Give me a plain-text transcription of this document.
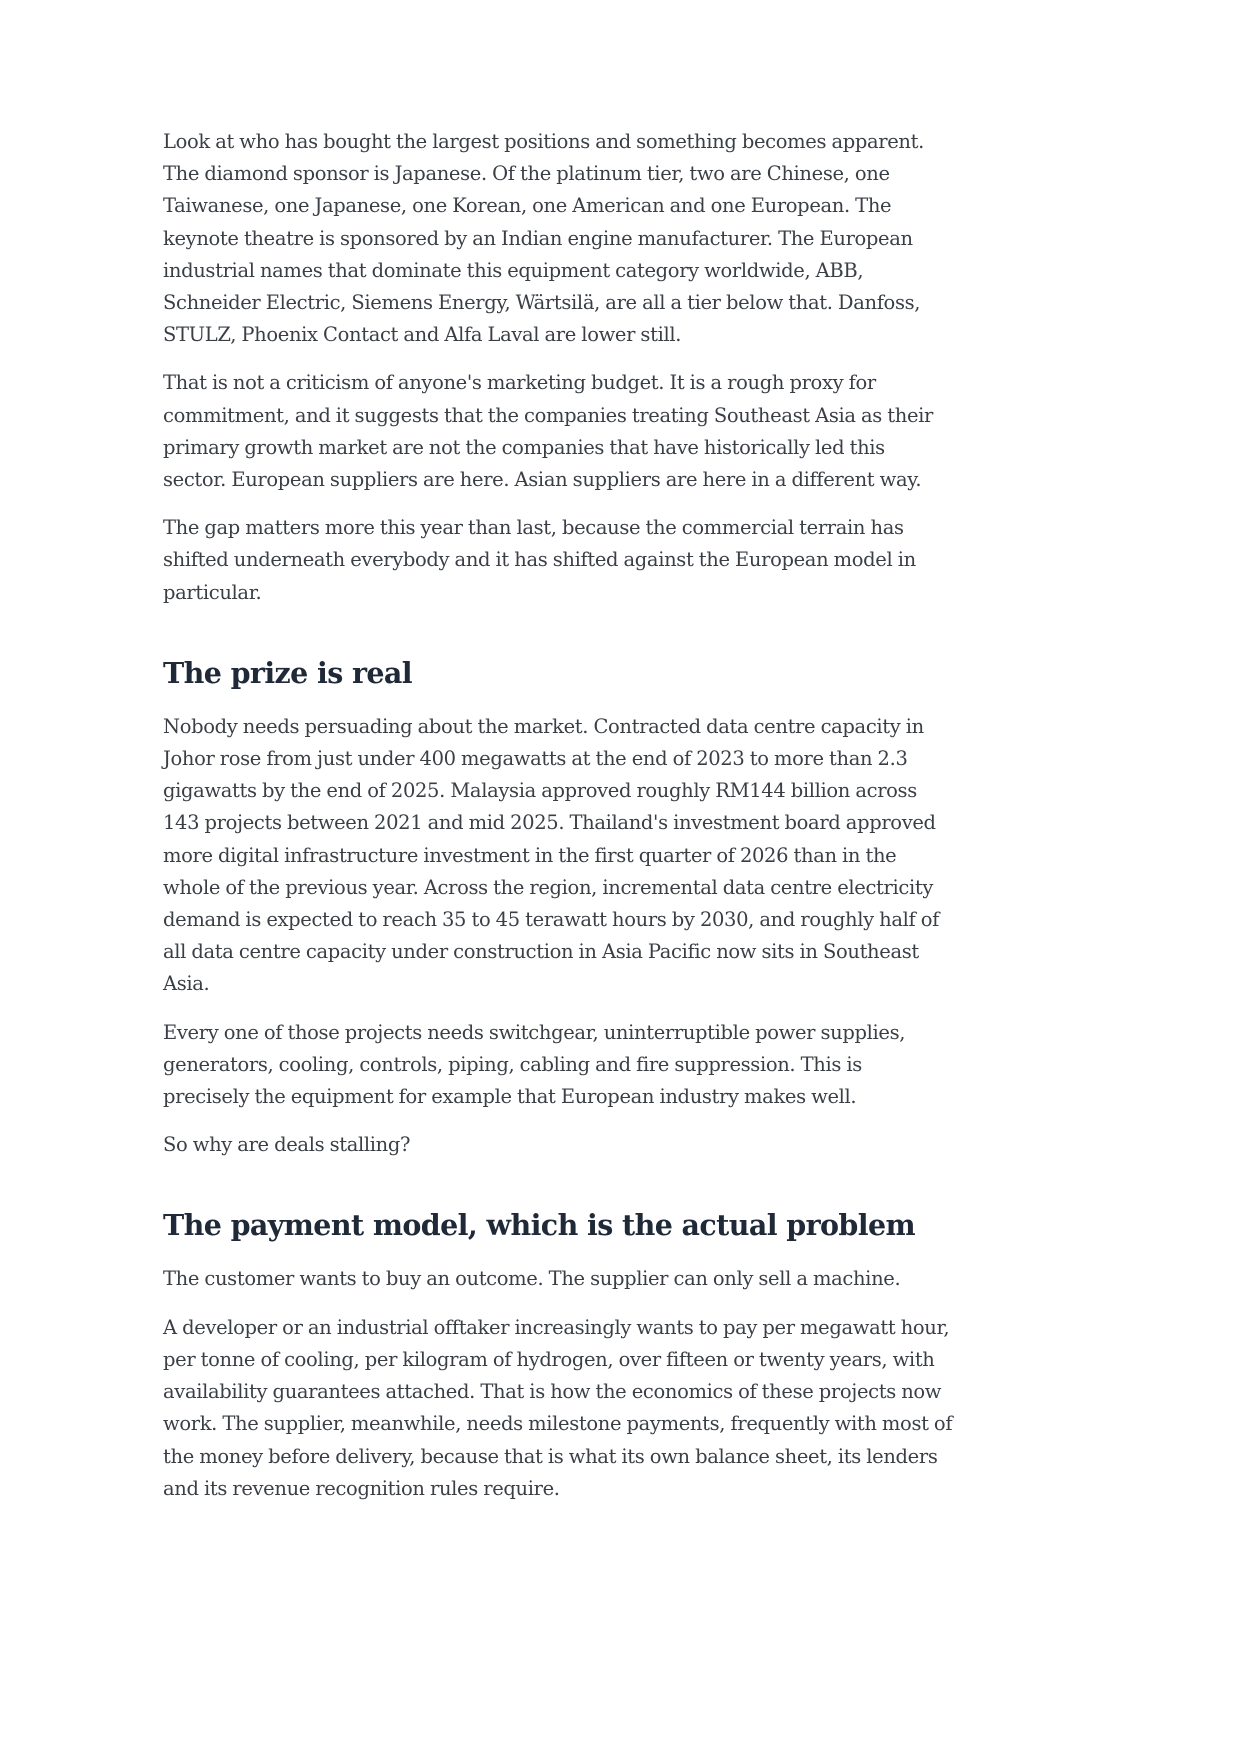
Look at who has bought the largest positions and something becomes apparent. The diamond sponsor is Japanese. Of the platinum tier, two are Chinese, one Taiwanese, one Japanese, one Korean, one American and one European. The keynote theatre is sponsored by an Indian engine manufacturer. The European industrial names that dominate this equipment category worldwide, ABB, Schneider Electric, Siemens Energy, Wärtsilä, are all a tier below that. Danfoss, STULZ, Phoenix Contact and Alfa Laval are lower still.

That is not a criticism of anyone's marketing budget. It is a rough proxy for commitment, and it suggests that the companies treating Southeast Asia as their primary growth market are not the companies that have historically led this sector. European suppliers are here. Asian suppliers are here in a different way.

The gap matters more this year than last, because the commercial terrain has shifted underneath everybody and it has shifted against the European model in particular.

The prize is real

Nobody needs persuading about the market. Contracted data centre capacity in Johor rose from just under 400 megawatts at the end of 2023 to more than 2.3 gigawatts by the end of 2025. Malaysia approved roughly RM144 billion across 143 projects between 2021 and mid 2025. Thailand's investment board approved more digital infrastructure investment in the first quarter of 2026 than in the whole of the previous year. Across the region, incremental data centre electricity demand is expected to reach 35 to 45 terawatt hours by 2030, and roughly half of all data centre capacity under construction in Asia Pacific now sits in Southeast Asia.

Every one of those projects needs switchgear, uninterruptible power supplies, generators, cooling, controls, piping, cabling and fire suppression. This is precisely the equipment for example that European industry makes well.

So why are deals stalling?

The payment model, which is the actual problem

The customer wants to buy an outcome. The supplier can only sell a machine.

A developer or an industrial offtaker increasingly wants to pay per megawatt hour, per tonne of cooling, per kilogram of hydrogen, over fifteen or twenty years, with availability guarantees attached. That is how the economics of these projects now work. The supplier, meanwhile, needs milestone payments, frequently with most of the money before delivery, because that is what its own balance sheet, its lenders and its revenue recognition rules require.
